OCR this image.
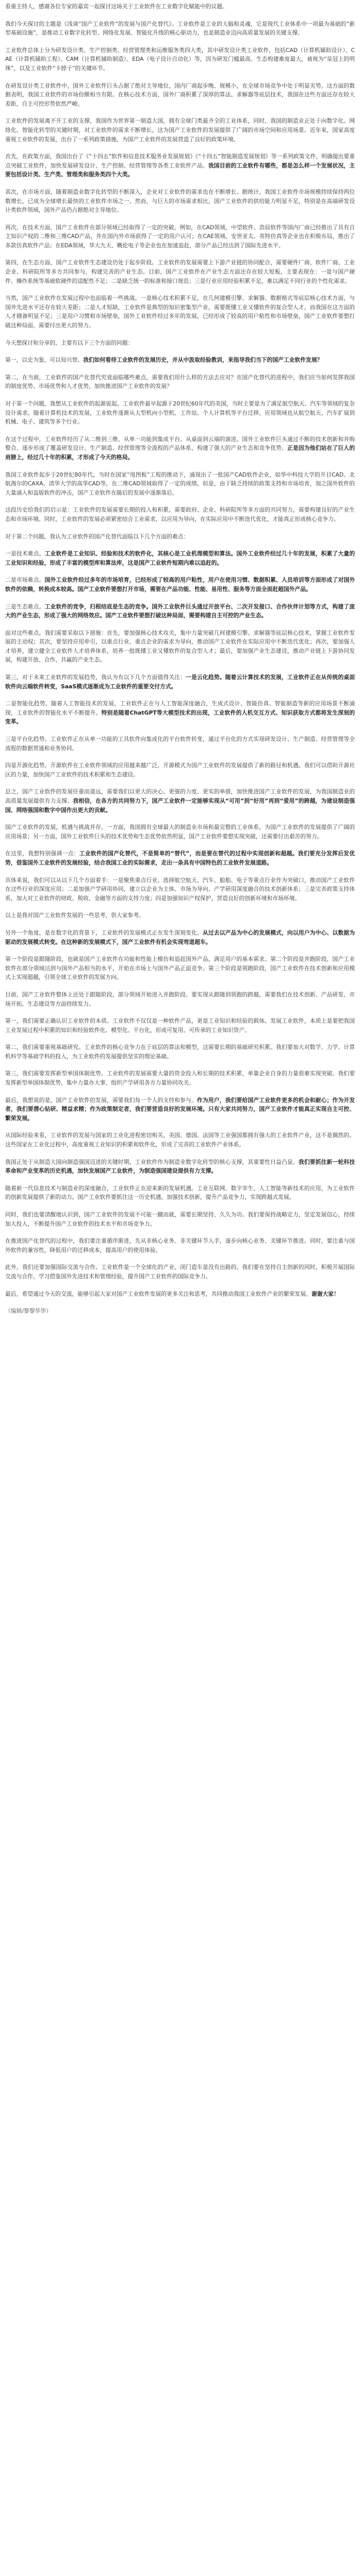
看重主持人，感谢各位专家的嘉宾一起探讨这场关于工业软件在工业数字化赋能中的议题。

我们今天探讨的主题是《浅谈“国产工业软件”的发展与国产化替代》。工业软件是工业的大脑和灵魂，它是现代工业体系中一项最为基础的“新型基础设施”，是推动工业数字化转型、网络化发展、智能化升级的核心驱动力，也是制造业迈向高质量发展的关键支撑。

工业软件总体上分为研发设计类、生产控制类、经营管理类和运维服务类四大类，其中研发设计类工业软件，包括CAD（计算机辅助设计）、CAE（计算机辅助工程）、CAM（计算机辅助制造）、EDA（电子设计自动化）等，因为研发门槛最高、生态构建难度最大，被视为“皇冠上的明珠”，以及工业软件“卡脖子”的关键环节。

在研发设计类工业软件中，国外工业软件巨头占据了绝对主导地位，国内厂商起步晚、规模小，在全球市场竞争中处于明显劣势。这方面的数据表明，我国工业软件的市场份额相当有限。在核心技术方面，国外厂商积累了深厚的算法、求解器等底层技术，我国在这些方面还存在较大差距，自主可控形势依然严峻。

工业软件的发展离不开工业的支撑，我国作为世界第一制造大国，拥有全球门类最齐全的工业体系，同时，我国的制造业正处于向数字化、网络化、智能化转型的关键时期，对工业软件的需求不断增长，这为国产工业软件的发展提供了广阔的市场空间和应用场景。近年来，国家高度重视工业软件的发展，出台了一系列政策措施，为国产工业软件的发展营造了良好的政策环境。

首先，在政策方面，我国出台了《“十四五”软件和信息技术服务业发展规划》《“十四五”智能制造发展规划》等一系列政策文件，明确提出要重点突破工业软件，加快发展研发设计、生产控制、经营管理等各类工业软件产品。我国目前的工业软件有哪些，都是怎么样一个发展状况，主要包括设计类、生产类、管理类和服务类四个大类。

其次，在市场方面，随着制造业数字化转型的不断深入，企业对工业软件的需求也在不断增长。据统计，我国工业软件市场规模持续保持两位数增长，已成为全球增长最快的工业软件市场之一。然而，与巨大的市场需求相比，国产工业软件的供给能力明显不足，特别是在高端研发设计类软件领域，国外产品仍占据绝对主导地位。

再次，在技术方面，国产工业软件在部分领域已经取得了一定的突破。例如，在CAD领域，中望软件、浩辰软件等国内厂商已经推出了具有自主知识产权的二维和三维CAD产品，并在国内外市场获得了一定的用户认可；在CAE领域，安世亚太、英特仿真等企业也在积极布局，推出了多款仿真软件产品；在EDA领域，华大九天、概伦电子等企业也在加速追赶，部分产品已经达到了国际先进水平。

第四，在生态方面，国产工业软件生态建设仍处于起步阶段。工业软件的发展需要上下游产业链的协同配合，需要硬件厂商、软件厂商、工业企业、科研院所等多方共同参与，构建完善的产业生态。目前，国产工业软件在产业生态方面还存在较大短板，主要表现在：一是与国产硬件、操作系统等基础软硬件的适配性不足；二是缺乏统一的标准和接口规范；三是行业应用经验积累不足，难以满足不同行业的个性化需求。

当然，国产工业软件在发展过程中也面临着一些挑战。一是核心技术积累不足，在几何建模引擎、求解器、数据格式等底层核心技术方面，与国外先进水平还存在较大差距；二是人才短缺，工业软件是典型的知识密集型产业，需要既懂工业又懂软件的复合型人才，而我国在这方面的人才储备明显不足；三是用户习惯和市场壁垒，国外工业软件经过多年的发展，已经形成了较高的用户粘性和市场壁垒，国产工业软件要想打破这种局面，需要付出更大的努力。

今天想探讨和分享的，主要有以下三个方面的问题：

第一，以史为鉴，可以知兴替。我们如何看待工业软件的发展历史，并从中汲取经验教训，来指导我们当下的国产工业软件发展？

第二，在当前，工业软件的国产化替代究竟面临哪些难点，需要我们用什么样的方法去应对？在国产化替代的进程中，我们应当如何发挥我国的制度优势、市场优势和人才优势，加快推进国产工业软件的发展？

对于第一个问题，我想从工业软件的起源说起。工业软件最早起源于20世纪60年代的美国，当时主要是为了满足航空航天、汽车等领域的复杂设计需求。随着计算机技术的发展，工业软件逐渐从大型机向小型机、工作站、个人计算机等平台迁移，应用领域也从航空航天、汽车扩展到机械、电子、建筑等多个行业。

在这个过程中，工业软件经历了从二维到三维、从单一功能到集成平台、从桌面到云端的演进。国外工业软件巨头通过不断的技术创新和并购整合，逐步形成了覆盖研发设计、生产制造、经营管理等全流程的产品体系，构建了强大的产业生态和竞争优势。正是因为他们站在了巨人的肩膀上，经过几十年的积累，才形成了今天的格局。

我国工业软件起步于20世纪80年代，当时在国家“甩图板”工程的推动下，涌现出了一批国产CAD软件企业，如华中科技大学的开目CAD、北航海尔的CAXA、清华大学的高华CAD等，在二维CAD领域取得了一定的成绩。但是，由于缺乏持续的政策支持和市场培育，加之国外软件的大量涌入和盗版软件的冲击，国产工业软件在随后的发展中逐渐落后。

这段历史给我们的启示是：工业软件的发展需要长期的投入和积累，需要政府、企业、科研院所等多方面的共同努力，需要构建良好的产业生态和市场环境。同时，工业软件的发展必须紧密结合工业需求，以应用为导向，在实际应用中不断迭代优化，才能真正形成核心竞争力。

对于第二个问题，我认为工业软件的国产化替代面临以下几个方面的难点：

一是技术难点。工业软件是工业知识、经验和技术的软件化，其核心是工业机理模型和算法。国外工业软件经过几十年的发展，积累了大量的工业知识和经验，形成了丰富的模型库和算法库，这是国产工业软件短期内难以追赶的。

二是市场难点。国外工业软件经过多年的市场培育，已经形成了较高的用户粘性，用户在使用习惯、数据积累、人员培训等方面形成了对国外软件的依赖，转换成本较高。国产工业软件要想打开市场，需要在产品功能、性能、易用性、服务等方面全面赶超国外产品。

三是生态难点。工业软件的竞争，归根结底是生态的竞争。国外工业软件巨头通过开放平台、二次开发接口、合作伙伴计划等方式，构建了庞大的产业生态，形成了强大的网络效应。国产工业软件要想打破这种局面，需要构建自主可控的产业生态。

面对这些难点，我们需要采取以下措施：首先，要加强核心技术攻关，集中力量突破几何建模引擎、求解器等底层核心技术，掌握工业软件发展的主动权；其次，要坚持应用牵引，以重点行业、重点企业的需求为导向，推动国产工业软件在实际应用中不断迭代优化；再次，要加强人才培养，建立健全工业软件人才培养体系，培养一批既懂工业又懂软件的复合型人才；最后，要加强产业生态建设，推动产业链上下游协同发展，构建开放、合作、共赢的产业生态。

第三，对于未来工业软件的发展趋势，我认为有以下几个方面值得关注：一是云化趋势。随着云计算技术的发展，工业软件正在从传统的桌面软件向云端软件转变，SaaS模式逐渐成为工业软件的重要交付方式。

二是智能化趋势。随着人工智能技术的发展，工业软件正在与人工智能深度融合，生成式设计、智能仿真、智能制造等新的应用场景不断涌现，工业软件的智能化水平不断提升。特别是随着ChatGPT等大模型技术的出现，工业软件的人机交互方式、知识获取方式都将发生深刻的变革。

三是平台化趋势。工业软件正在从单一功能的工具软件向集成化的平台软件转变，通过平台化的方式实现研发设计、生产制造、经营管理等全流程的数据贯通和业务协同。

四是开源化趋势。开源软件在工业软件领域的应用越来越广泛，开源模式为国产工业软件的发展提供了新的路径和机遇。我们可以借助开源社区的力量，加快国产工业软件的技术积累和生态建设。

总之，国产工业软件的发展任重而道远，需要我们以更大的决心、更强的力度、更实的举措，加快推进国产工业软件的发展，为我国制造业的高质量发展提供有力支撑。我相信，在各方的共同努力下，国产工业软件一定能够实现从“可用”到“好用”再到“爱用”的跨越，为建设制造强国、网络强国和数字中国作出更大的贡献。

国产工业软件的发展，机遇与挑战并存。一方面，我国拥有全球最大的制造业市场和最完整的工业体系，为国产工业软件的发展提供了广阔的应用场景；另一方面，国外工业软件巨头的技术优势和生态优势依然明显，国产工业软件要想实现突破，还需要付出艰苦的努力。

在这里，我想特别强调一点：工业软件的国产化替代，不是简单的“替代”，而是要在替代的过程中实现创新和超越。我们要充分发挥后发优势，借鉴国外工业软件的发展经验，结合我国工业的实际需求，走出一条具有中国特色的工业软件发展道路。

具体来说，我们可以从以下几个方面着手：一是聚焦重点行业，选择航空航天、汽车、船舶、电子等重点行业作为突破口，推动国产工业软件在这些行业的深度应用；二是加强产学研用协同，建立以企业为主体、市场为导向、产学研用深度融合的技术创新体系；三是完善政策支持体系，加大对工业软件的财政、税收、金融等方面的支持力度；四是加强知识产权保护，营造良好的创新环境和市场环境。

以上是我对国产工业软件发展的一些思考，供大家参考。

另外一个角度，是在数字化的背景下，工业软件的发展模式正在发生深刻变化。从过去以产品为中心的发展模式，向以用户为中心、以数据为驱动的发展模式转变。在这种新的发展模式下，国产工业软件有机会实现弯道超车。

第一个阶段是跟随阶段，也就是国产工业软件在功能和性能上模仿和追赶国外产品，满足用户的基本需求。第二个阶段是并跑阶段，国产工业软件在部分领域达到与国外产品相当的水平，开始在市场上与国外产品正面竞争。第三个阶段是领跑阶段，国产工业软件在技术创新和应用模式上实现超越，引领全球工业软件的发展方向。

目前，国产工业软件整体上还处于跟随阶段，部分领域开始进入并跑阶段。要实现从跟随到领跑的跨越，需要我们在技术创新、产品研发、市场开拓、生态建设等方面持续发力。

第一，我们需要正确认识工业软件的本质。工业软件不仅仅是一种软件产品，更是工业知识和经验的载体。发展工业软件，本质上是要把我国工业发展过程中积累的知识和经验软件化、模型化、平台化，形成可复用、可传承的工业知识资产。

第二，我们需要重视基础研究。工业软件的核心竞争力在于底层的算法和模型，这需要长期的基础研究积累。我们要加大对数学、力学、计算机科学等基础学科的投入，为工业软件的发展提供坚实的理论基础。

第三，我们需要发挥新型举国体制优势。工业软件的发展需要大量的资金投入和长期的技术积累，单靠企业自身的力量很难实现突破。我们要发挥新型举国体制优势，集中力量办大事，组织产学研用各方力量协同攻关。

最后，我想说的是，国产工业软件的发展，需要我们每一个人的支持和参与。作为用户，我们要给国产工业软件更多的机会和耐心；作为开发者，我们要潜心钻研、精益求精；作为政策制定者，我们要营造良好的发展环境。只有大家共同努力，国产工业软件才能真正实现自主可控、繁荣发展。

从国际经验来看，工业软件的发展与国家的工业化进程密切相关。美国、德国、法国等工业强国都拥有强大的工业软件产业，这不是偶然的。这些国家在工业化过程中，高度重视工业知识的积累和软件化，形成了完善的工业软件产业体系。

我国正处于从制造大国向制造强国迈进的关键时期，工业软件作为制造业数字化转型的核心支撑，其重要性日益凸显。我们要抓住新一轮科技革命和产业变革的历史机遇，加快发展国产工业软件，为制造强国建设提供有力支撑。

随着新一代信息技术与制造业的深度融合，工业软件正在迎来新的发展机遇。工业互联网、数字孪生、人工智能等新技术的应用，为工业软件的创新发展提供了新的动力。国产工业软件要抓住这一历史机遇，加强技术创新，提升产品竞争力，实现跨越式发展。

同时，我们也要清醒地认识到，国产工业软件的发展不可能一蹴而就，需要长期坚持、久久为功。我们要保持战略定力，坚定发展信心，持续加大投入，不断提升国产工业软件的技术水平和市场竞争力。

在推进国产化替代的过程中，我们要注重循序渐进，先从非核心业务、非关键环节入手，逐步向核心业务、关键环节推进。同时，要注重与国外软件的兼容性，降低用户的迁移成本，提高用户的使用体验。

此外，我们还要加强国际交流与合作。工业软件是一个全球化的产业，闭门造车是没有出路的。我们要在坚持自主创新的同时，积极开展国际交流与合作，学习借鉴国外先进技术和管理经验，提升国产工业软件的国际竞争力。

最后，希望通过今天的交流，能够引起大家对国产工业软件发展的更多关注和思考，共同推动我国工业软件产业的繁荣发展。谢谢大家！

（编辑/黎黎华华）
